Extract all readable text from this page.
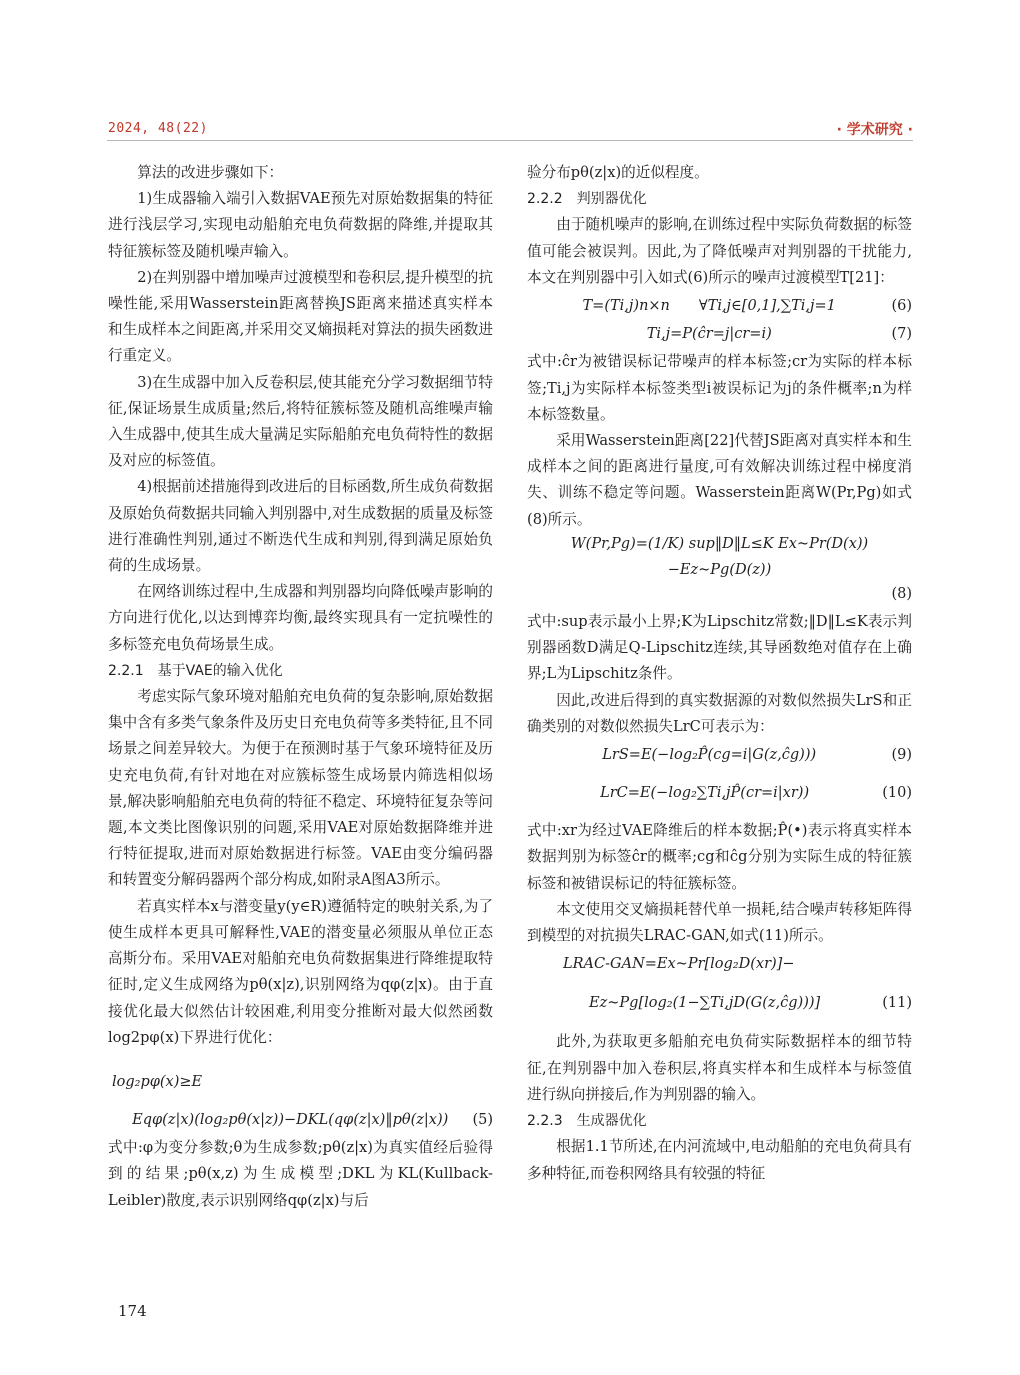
2024, 48(22)	· 学术研究 ·

算法的改进步骤如下：

1)生成器输入端引入数据VAE预先对原始数据集的特征进行浅层学习,实现电动船舶充电负荷数据的降维,并提取其特征簇标签及随机噪声输入。

2)在判别器中增加噪声过渡模型和卷积层,提升模型的抗噪性能,采用Wasserstein距离替换JS距离来描述真实样本和生成样本之间距离,并采用交叉熵损耗对算法的损失函数进行重定义。

3)在生成器中加入反卷积层,使其能充分学习数据细节特征,保证场景生成质量;然后,将特征簇标签及随机高维噪声输入生成器中,使其生成大量满足实际船舶充电负荷特性的数据及对应的标签值。

4)根据前述措施得到改进后的目标函数,所生成负荷数据及原始负荷数据共同输入判别器中,对生成数据的质量及标签进行准确性判别,通过不断迭代生成和判别,得到满足原始负荷的生成场景。

在网络训练过程中,生成器和判别器均向降低噪声影响的方向进行优化,以达到博弈均衡,最终实现具有一定抗噪性的多标签充电负荷场景生成。

2.2.1　基于VAE的输入优化

考虑实际气象环境对船舶充电负荷的复杂影响,原始数据集中含有多类气象条件及历史日充电负荷等多类特征,且不同场景之间差异较大。为便于在预测时基于气象环境特征及历史充电负荷,有针对地在对应簇标签生成场景内筛选相似场景,解决影响船舶充电负荷的特征不稳定、环境特征复杂等问题,本文类比图像识别的问题,采用VAE对原始数据降维并进行特征提取,进而对原始数据进行标签。VAE由变分编码器和转置变分解码器两个部分构成,如附录A图A3所示。

若真实样本x与潜变量y(y∈R)遵循特定的映射关系,为了使生成样本更具可解释性,VAE的潜变量必须服从单位正态高斯分布。采用VAE对船舶充电负荷数据集进行降维提取特征时,定义生成网络为pθ(x|z),识别网络为qφ(z|x)。由于直接优化最大似然估计较困难,利用变分推断对最大似然函数log2pφ(x)下界进行优化：

log₂pφ(x)≥E
Eqφ(z|x)(log₂pθ(x|z))−DKL(qφ(z|x)‖pθ(z|x))	(5)

式中:φ为变分参数;θ为生成参数;pθ(z|x)为真实值经后验得到的结果;pθ(x,z)为生成模型;DKL为KL(Kullback-Leibler)散度,表示识别网络qφ(z|x)与后

验分布pθ(z|x)的近似程度。

2.2.2　判别器优化

由于随机噪声的影响,在训练过程中实际负荷数据的标签值可能会被误判。因此,为了降低噪声对判别器的干扰能力,本文在判别器中引入如式(6)所示的噪声过渡模型T[21]：

T=(Ti,j)n×n　　∀Ti,j∈[0,1],∑Ti,j=1	(6)
Ti,j=P(ĉr=j|cr=i)	(7)

式中:ĉr为被错误标记带噪声的样本标签;cr为实际的样本标签;Ti,j为实际样本标签类型i被误标记为j的条件概率;n为样本标签数量。

采用Wasserstein距离[22]代替JS距离对真实样本和生成样本之间的距离进行量度,可有效解决训练过程中梯度消失、训练不稳定等问题。Wasserstein距离W(Pr,Pg)如式(8)所示。

W(Pr,Pg)=(1/K) sup‖D‖L≤K Ex~Pr(D(x))−Ez~Pg(D(z))
(8)

式中:sup表示最小上界;K为Lipschitz常数;‖D‖L≤K表示判别器函数D满足Q-Lipschitz连续,其导函数绝对值存在上确界;L为Lipschitz条件。

因此,改进后得到的真实数据源的对数似然损失LrS和正确类别的对数似然损失LrC可表示为：

LrS=E(−log₂P̂(cg=i|G(z,ĉg)))	(9)
LrC=E(−log₂∑Ti,jP̂(cr=i|xr))	(10)

式中:xr为经过VAE降维后的样本数据;P̂(•)表示将真实样本数据判别为标签ĉr的概率;cg和ĉg分别为实际生成的特征簇标签和被错误标记的特征簇标签。

本文使用交叉熵损耗替代单一损耗,结合噪声转移矩阵得到模型的对抗损失LRAC-GAN,如式(11)所示。

LRAC-GAN=Ex~Pr[log₂D(xr)]−
Ez~Pg[log₂(1−∑Ti,jD(G(z,ĉg)))]	(11)

此外,为获取更多船舶充电负荷实际数据样本的细节特征,在判别器中加入卷积层,将真实样本和生成样本与标签值进行纵向拼接后,作为判别器的输入。

2.2.3　生成器优化

根据1.1节所述,在内河流域中,电动船舶的充电负荷具有多种特征,而卷积网络具有较强的特征

174
